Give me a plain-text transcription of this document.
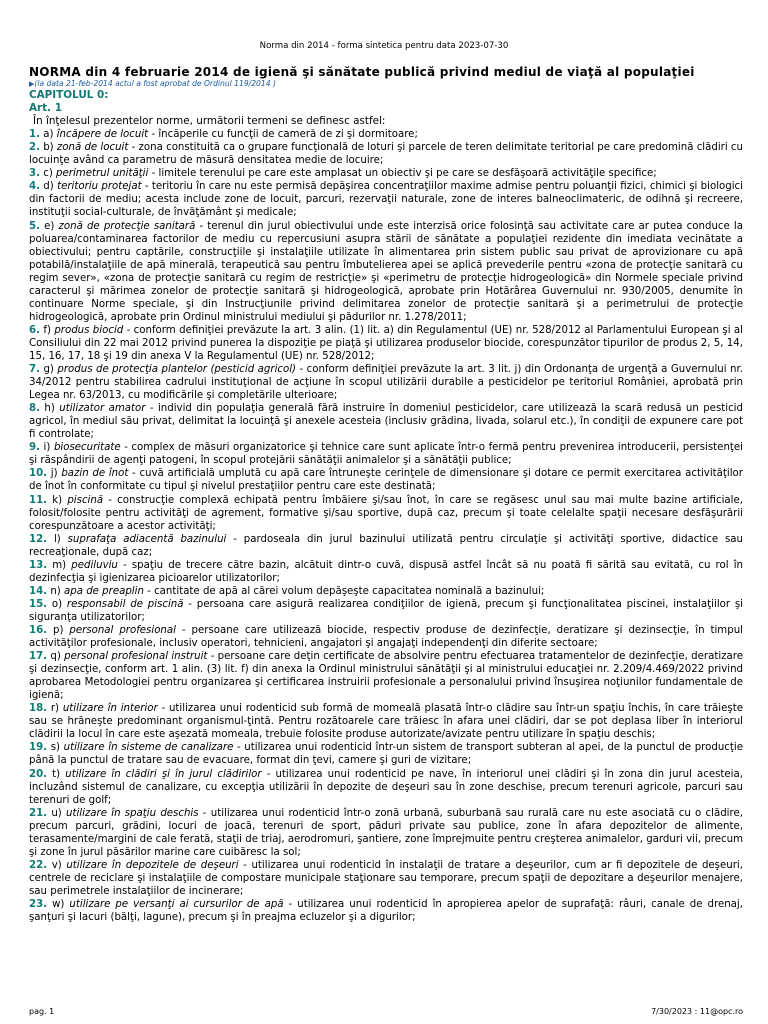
Norma din 2014 - forma sintetica pentru data 2023-07-30
NORMA din 4 februarie 2014 de igienă şi sănătate publică privind mediul de viaţă al populaţiei
▶(la data 21-feb-2014 actul a fost aprobat de Ordinul 119/2014 )
CAPITOLUL 0:
Art. 1
În înţelesul prezentelor norme, următorii termeni se definesc astfel:

1. a) încăpere de locuit - încăperile cu funcţii de cameră de zi şi dormitoare;

2. b) zonă de locuit - zona constituită ca o grupare funcţională de loturi şi parcele de teren delimitate teritorial pe care predomină clădiri cu locuinţe având ca parametru de măsură densitatea medie de locuire;

3. c) perimetrul unităţii - limitele terenului pe care este amplasat un obiectiv şi pe care se desfăşoară activităţile specifice;

4. d) teritoriu protejat - teritoriu în care nu este permisă depăşirea concentraţiilor maxime admise pentru poluanţii fizici, chimici şi biologici din factorii de mediu; acesta include zone de locuit, parcuri, rezervaţii naturale, zone de interes balneoclimateric, de odihnă şi recreere, instituţii social-culturale, de învăţământ şi medicale;

5. e) zonă de protecţie sanitară - terenul din jurul obiectivului unde este interzisă orice folosinţă sau activitate care ar putea conduce la poluarea/contaminarea factorilor de mediu cu repercusiuni asupra stării de sănătate a populaţiei rezidente din imediata vecinătate a obiectivului; pentru captările, construcţiile şi instalaţiile utilizate în alimentarea prin sistem public sau privat de aprovizionare cu apă potabilă/instalaţiile de apă minerală, terapeutică sau pentru îmbutelierea apei se aplică prevederile pentru «zona de protecţie sanitară cu regim sever», «zona de protecţie sanitară cu regim de restricţie» şi «perimetru de protecţie hidrogeologică» din Normele speciale privind caracterul şi mărimea zonelor de protecţie sanitară şi hidrogeologică, aprobate prin Hotărârea Guvernului nr. 930/2005, denumite în continuare Norme speciale, şi din Instrucţiunile privind delimitarea zonelor de protecţie sanitară şi a perimetrului de protecţie hidrogeologică, aprobate prin Ordinul ministrului mediului şi pădurilor nr. 1.278/2011;

6. f) produs biocid - conform definiţiei prevăzute la art. 3 alin. (1) lit. a) din Regulamentul (UE) nr. 528/2012 al Parlamentului European şi al Consiliului din 22 mai 2012 privind punerea la dispoziţie pe piaţă şi utilizarea produselor biocide, corespunzător tipurilor de produs 2, 5, 14, 15, 16, 17, 18 şi 19 din anexa V la Regulamentul (UE) nr. 528/2012;

7. g) produs de protecţia plantelor (pesticid agricol) - conform definiţiei prevăzute la art. 3 lit. j) din Ordonanţa de urgenţă a Guvernului nr. 34/2012 pentru stabilirea cadrului instituţional de acţiune în scopul utilizării durabile a pesticidelor pe teritoriul României, aprobată prin Legea nr. 63/2013, cu modificările şi completările ulterioare;

8. h) utilizator amator - individ din populaţia generală fără instruire în domeniul pesticidelor, care utilizează la scară redusă un pesticid agricol, în mediul său privat, delimitat la locuinţă şi anexele acesteia (inclusiv grădina, livada, solarul etc.), în condiţii de expunere care pot fi controlate;

9. i) biosecuritate - complex de măsuri organizatorice şi tehnice care sunt aplicate într-o fermă pentru prevenirea introducerii, persistenţei şi răspândirii de agenţi patogeni, în scopul protejării sănătăţii animalelor şi a sănătăţii publice;

10. j) bazin de înot - cuvă artificială umplută cu apă care întruneşte cerinţele de dimensionare şi dotare ce permit exercitarea activităţilor de înot în conformitate cu tipul şi nivelul prestaţiilor pentru care este destinată;

11. k) piscină - construcţie complexă echipată pentru îmbăiere şi/sau înot, în care se regăsesc unul sau mai multe bazine artificiale, folosit/folosite pentru activităţi de agrement, formative şi/sau sportive, după caz, precum şi toate celelalte spaţii necesare desfăşurării corespunzătoare a acestor activităţi;

12. l) suprafaţa adiacentă bazinului - pardoseala din jurul bazinului utilizată pentru circulaţie şi activităţi sportive, didactice sau recreaţionale, după caz;

13. m) pediluviu - spaţiu de trecere către bazin, alcătuit dintr-o cuvă, dispusă astfel încât să nu poată fi sărită sau evitată, cu rol în dezinfecţia şi igienizarea picioarelor utilizatorilor;

14. n) apa de preaplin - cantitate de apă al cărei volum depăşeşte capacitatea nominală a bazinului;

15. o) responsabil de piscină - persoana care asigură realizarea condiţiilor de igienă, precum şi funcţionalitatea piscinei, instalaţiilor şi siguranţa utilizatorilor;

16. p) personal profesional - persoane care utilizează biocide, respectiv produse de dezinfecţie, deratizare şi dezinsecţie, în timpul activităţilor profesionale, inclusiv operatori, tehnicieni, angajatori şi angajaţi independenţi din diferite sectoare;

17. q) personal profesional instruit - persoane care deţin certificate de absolvire pentru efectuarea tratamentelor de dezinfecţie, deratizare şi dezinsecţie, conform art. 1 alin. (3) lit. f) din anexa la Ordinul ministrului sănătăţii şi al ministrului educaţiei nr. 2.209/4.469/2022 privind aprobarea Metodologiei pentru organizarea şi certificarea instruirii profesionale a personalului privind însuşirea noţiunilor fundamentale de igienă;

18. r) utilizare în interior - utilizarea unui rodenticid sub formă de momeală plasată într-o clădire sau într-un spaţiu închis, în care trăieşte sau se hrăneşte predominant organismul-ţintă. Pentru rozătoarele care trăiesc în afara unei clădiri, dar se pot deplasa liber în interiorul clădirii la locul în care este aşezată momeala, trebuie folosite produse autorizate/avizate pentru utilizare în spaţiu deschis;

19. s) utilizare în sisteme de canalizare - utilizarea unui rodenticid într-un sistem de transport subteran al apei, de la punctul de producţie până la punctul de tratare sau de evacuare, format din ţevi, camere şi guri de vizitare;

20. t) utilizare în clădiri şi în jurul clădirilor - utilizarea unui rodenticid pe nave, în interiorul unei clădiri şi în zona din jurul acesteia, incluzând sistemul de canalizare, cu excepţia utilizării în depozite de deşeuri sau în zone deschise, precum terenuri agricole, parcuri sau terenuri de golf;

21. u) utilizare în spaţiu deschis - utilizarea unui rodenticid într-o zonă urbană, suburbană sau rurală care nu este asociată cu o clădire, precum parcuri, grădini, locuri de joacă, terenuri de sport, păduri private sau publice, zone în afara depozitelor de alimente, terasamente/margini de cale ferată, staţii de triaj, aerodromuri, şantiere, zone împrejmuite pentru creşterea animalelor, garduri vii, precum şi zone în jurul păsărilor marine care cuibăresc la sol;

22. v) utilizare în depozitele de deşeuri - utilizarea unui rodenticid în instalaţii de tratare a deşeurilor, cum ar fi depozitele de deşeuri, centrele de reciclare şi instalaţiile de compostare municipale staţionare sau temporare, precum spaţii de depozitare a deşeurilor menajere, sau perimetrele instalaţiilor de incinerare;

23. w) utilizare pe versanţi ai cursurilor de apă - utilizarea unui rodenticid în apropierea apelor de suprafaţă: râuri, canale de drenaj, şanţuri şi lacuri (bălţi, lagune), precum şi în preajma ecluzelor şi a digurilor;

pag. 1	7/30/2023 : 11@opc.ro
